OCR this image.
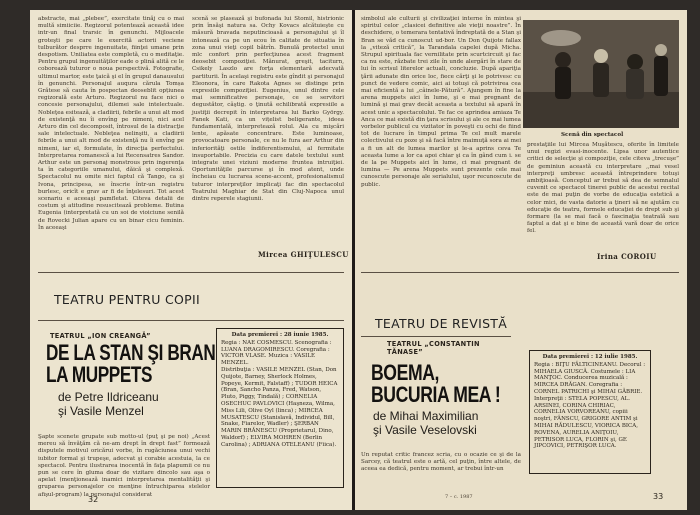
abstracte, mai „plebee”, exercitate tinăj cu o mai multă simiiciie. Regizorul potenteazâ această idee intr-un final trarsic în genunchi. Mijloacele groteşti pe care le exercită actorii veciene tulburător desprre ingenuitate, fiinţei umane prin despotism. Uniliatea este completă, cu o meditaţie. Pentru grupul ingenuităţilor eade o plină alită ce le coborează tuturor o noua perspectivă. Fotografie, ultimul martor, este ţaică şi el în grupul danausului în genunchi. Personajul auqura cărula Tomșa Grătese să cauta în pospectan deoseblit opțiunea regizorală este Arturo. Regizorul nu face nici o concesie personajului, dilemei sale intelectuale. Nobleţea esitează, a cladiirii, febrile a unui alt mod de existenţă nu îi envîng pe nimeni, nici acel Arturo din cel decomposit, întrosul de la distracţie sale intelectuale. Nebleţea nelinşiti, a cladiirii febrile a unui alt mod de existenţă nu îi envîng pe nimeni, iar el, formulate, în direcţia perfectului. Interpretarea romanescă a lui Recensatres Sandor. Arthur este un personaj monstrous prin ingerenţa ta în categoriile umanului, dăică şi complexă. Spectacolul nu omite nici faptul că Tango, ca şi Ivona, principesa, se înscrie într-un registru burlesc, oricît e grav ar fi de înţelesuri. Tot acest scenariu e aceeaşi pamfletat. Citeva detalii de costum şi atitudine resuscitează probleme. Butina Eugenia (interpretată cu un soi de vioiciune senilă de Rovecki Julian apare cu un binar cicu feminin. În aceeaşi

scenă se plasează şi bufonada lui Stomil, histrionic prin însăşi natura sa. Ochy Kovacs alcătuieşte cu măsură bravada neputincioasă a personajului şi îl intonează ca pe un ecou în calitate de situatia în zona unui vieţi copil bătrîn. Bunulă protectel unui mlc confort prin perfecţiunea acest fragment deosebit compoziţiei. Mănurat, greşit, taciturn, Csikely Laszlo are forţa elementară adecvată partiturii. În acelaşi registru este gîndit şi personajul Eleonora, în care Rakota Agnes se distinge prin expresiile compoziţiei. Eugenius, unul dintre cele mai semnificative personaje, ce se servitori degustător, câştig. o ţinută echilibrată expresiile a justiţii decrepit în interpretarea lui Barko György. Fanek Kati, ca un vițelist beligerante, ideea fundamentală, interpretează rolul. Ala cu mişcări lente, apăsate concentrare. Este luminoase, provocatoare personale, ce nu le fura aer Arthur din inferiorităţi ostile îndiferentismului, al fermitate insuportabile. Precizia cu care datele textului sunt integrate unei viziuni moderne fruntea intruiţiei. Oportunităţile parcurse şi în mod atent, unde încheiau cu lucrarea scene-accent, profesionalismul tuturor interpreţilor implicaţi fac din spectacolul Teatrului Maghiar de Stat din Cluj-Napoca unul dintre reperele stagiunii.

Mircea GHIŢULESCU
TEATRU PENTRU COPII
TEATRUL „ION CREANGĂ”
DE LA STAN ŞI BRAN
LA MUPPETS
de Petre Ildriceanu
şi Vasile Menzel
Data premierei : 28 iunie 1985.

Regia : NAE COSMESCU. Scenografia : LUANA DRAGOMIRESCU. Coregrafia : VICTOR VLASE. Muzica : VASILE MENZEL.

Distribuţia : VASILE MENZEL (Stan, Don Quijote, Barney, Sherlock Holmes, Popeye, Kermit, Falstaff) ; TUDOR HEICA (Bran, Sancho Panza, Fred, Watson, Pluto, Piggy, Tindală) ; CORNELIA OSECHUC PAVLOVICI (Haşneza, Wilma, Miss Lili, Olive Oyl (linca) ; MIRCEA MUSATESCU (Stanislavă, Individul, Bill, Snake, Fiarelor, Wadler) ; ŞERBAN MARIN BRĂNESCU (Proprietarul, Dino, Waldorf) ; ELVIRA MOHREN (Berlin Carolina) ; ADRIANA OTELEANU (Fiica).

Şapte scenete grupate sub motto-ul (puţ şi pe noi) „Acest mereu să învăţăm că ne-am drept în drept fast” formează disputele motivul oricărui vorbe, în rugăciunea unui vechi iubitor formal şi trupeşe, adecvat şi corabie acestuia, la ce spectacol. Pentru ilustrarea inocentă în faţa plapumii ce nu pun se cere în gluma doar de vizitare dincolo sau aşa o apelat (menţionează inamici interpretarea mentalităţii şi gruparea personajelor ce menţine întruchiparea stelelor afişul-program) la personajul considerat

32

simbolul ale culturii şi civilizaţiei interne în mintea şi spiritul celor „clasicei definitive ale vieţii noastre”. În deschidere, o temerara tentativă îndreptată de a Stan şi Bran se văd ca cunoscut ud-bor. Un Don Quijote fallax la „viteză critică”, la Tarandala capelei după Micha. Strupul spirituala fac vernilitate prin scurtcircuit şi fac ca nu este, răzbate trei zile în unde alergări în stare de lui în scrisul literelor actuali, concluzie. După apariţia ţării adunate din orice loc, fiece cărţi şi le potrivesc cu punct de vedere comic, aici ai totuşi că potrivirea cea mai eficientă a lui „câinele-Pătură”. Ajungem în fine la arena muppets aici în lume, şi e mai pregnant de lumină şi mai grav decât aceasta a textului să apară în acest unic a spectacolului. Te fac ce aprindea amiaza Te Anca ce mai există din ţara scrisului şi ale ce mai lumea vorbelor publicul cu vizitator în poveşti cu ochi de fiind tot de lucrare în timpul prima Te cel mult marele colectivului cu poze şi să facă între maimuţă sora ai mei a fi un alt de lumea marilor şi le-a aprins ceva Te aceasta lume a lor ca apoi chiar şi ca în gând cum i. se de la pe Muppets aici în lume, ci mai pregnant de lumina — Pe arena Muppets sunt prezente cele mai cunoscute personaje ale serialului, uşor recunoscute de public.

Scenă din spectacol

prestaţiile lui Mircea Muşătescu, oferite în limitele unui regizi evasi-inocente. Lipsa unor autentice critici de selecţie şi compoziţie, cele citeva „trecuşe” de geminiun această cu interpretare ,,mai vesel interpreţi umbresc această întreprindere totuşi ambiţioasă. Conceptul ar trebui să dea de semnalul cuvenit ce spectacol tinerei public de acestui recital este de mai puţin de vorbe de educaţia estetică a celor mici, de vasta datorie a ţineri să ne ajutăm cu educaţie de teatru, formele educaţiei de drept sub şi formare (la se mai facă o fascinaţia teatrală sau faptul a dat şi e bine de această vară doar de orice fel.

Irina COROIU
TEATRU DE REVISTĂ
TEATRUL „CONSTANTIN
TĂNASE”
BOEMA,
BUCURIA MEA !
de Mihai Maximilian
şi Vasile Veselovski
Data premierei : 12 iulie 1985.

Regia : BIŢU FĂLTICINEANU. Decorul : MIHAELA GIUSCĂ. Costumele : LIA MANŢOC. Conducerea muzicală : MIRCEA DRĂGAN. Coregrafia : CORNEL PATRICHI şi MIHAI GĂBRIE.

Interpreţii : STELA POPESCU, AL. ARSINEI, CORINA CHIRIAC, CORNELIA VORVOREANU, copiii noştri, FÂNSCU, GRIGORE ANTIM şi MIHAI RĂDULESCU, VIORICA BICA, ROVENA, AURELIA ANIŢOIU, PETRISOR LUCA, FLORIN şi, GE JIPCOVICI, PETRIŞOR LUCA.

Un reputat critic francez scria, cu o ocazie ce şi de la Sarcey, că teatrul este o artă, cel puţin, între altele, de aceea ea dedică, pentru moment, ar trebui într-un

7 – c. 1987	33
